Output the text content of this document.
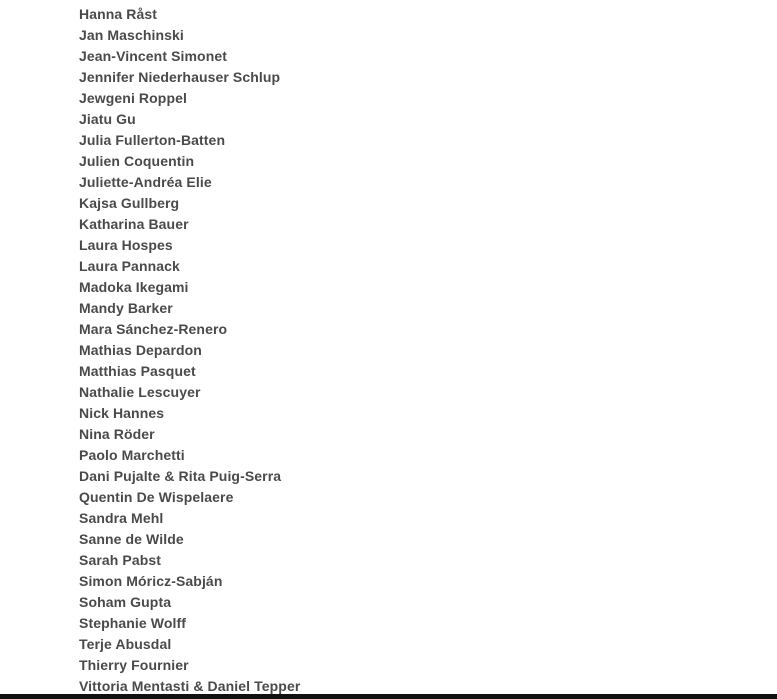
Hanna Råst
Jan Maschinski
Jean-Vincent Simonet
Jennifer Niederhauser Schlup
Jewgeni Roppel
Jiatu Gu
Julia Fullerton-Batten
Julien Coquentin
Juliette-Andréa Elie
Kajsa Gullberg
Katharina Bauer
Laura Hospes
Laura Pannack
Madoka Ikegami
Mandy Barker
Mara Sánchez-Renero
Mathias Depardon
Matthias Pasquet
Nathalie Lescuyer
Nick Hannes
Nina Röder
Paolo Marchetti
Dani Pujalte & Rita Puig-Serra
Quentin De Wispelaere
Sandra Mehl
Sanne de Wilde
Sarah Pabst
Simon Móricz-Sabján
Soham Gupta
Stephanie Wolff
Terje Abusdal
Thierry Fournier
Vittoria Mentasti & Daniel Tepper
